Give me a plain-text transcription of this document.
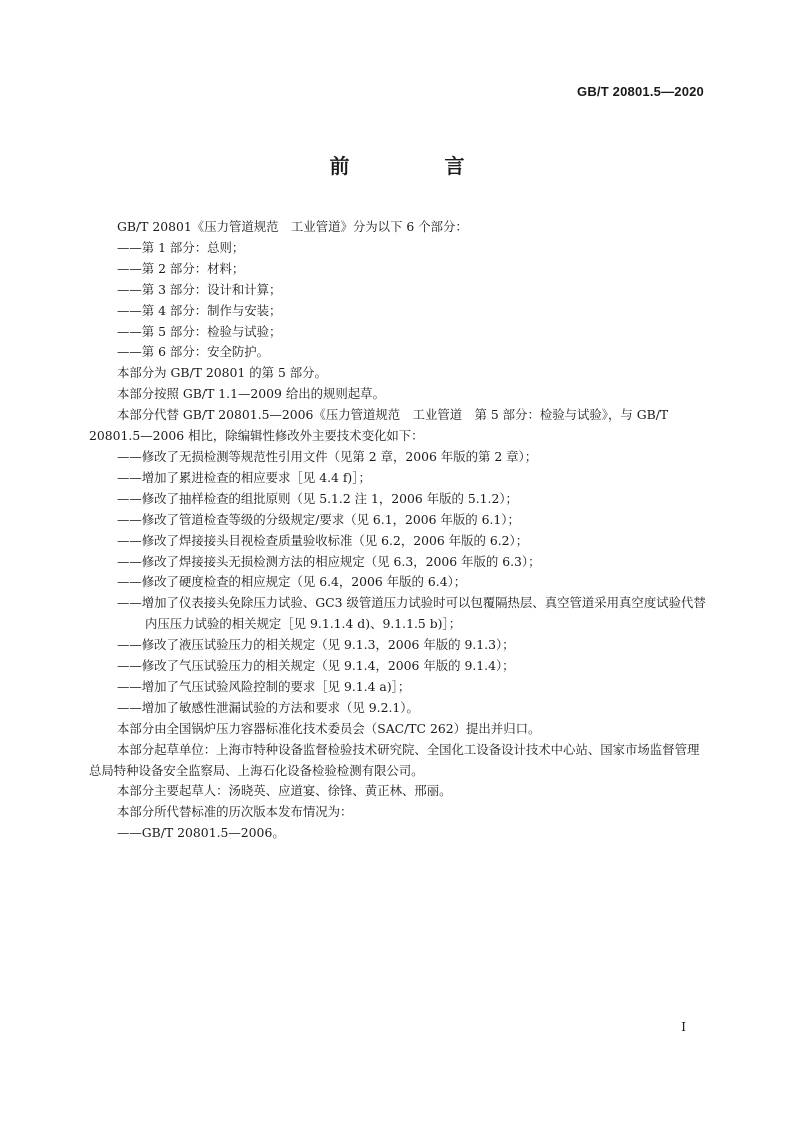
GB/T 20801.5—2020
前 言
GB/T 20801《压力管道规范　工业管道》分为以下 6 个部分：
——第 1 部分：总则；
——第 2 部分：材料；
——第 3 部分：设计和计算；
——第 4 部分：制作与安装；
——第 5 部分：检验与试验；
——第 6 部分：安全防护。
本部分为 GB/T 20801 的第 5 部分。
本部分按照 GB/T 1.1—2009 给出的规则起草。
本部分代替 GB/T 20801.5—2006《压力管道规范　工业管道　第 5 部分：检验与试验》，与 GB/T 20801.5—2006 相比，除编辑性修改外主要技术变化如下：
——修改了无损检测等规范性引用文件（见第 2 章，2006 年版的第 2 章）；
——增加了累进检查的相应要求［见 4.4 f)］；
——修改了抽样检查的组批原则（见 5.1.2 注 1，2006 年版的 5.1.2）；
——修改了管道检查等级的分级规定/要求（见 6.1，2006 年版的 6.1）；
——修改了焊接接头目视检查质量验收标准（见 6.2，2006 年版的 6.2）；
——修改了焊接接头无损检测方法的相应规定（见 6.3，2006 年版的 6.3）；
——修改了硬度检查的相应规定（见 6.4，2006 年版的 6.4）；
——增加了仪表接头免除压力试验、GC3 级管道压力试验时可以包覆隔热层、真空管道采用真空度试验代替内压压力试验的相关规定［见 9.1.1.4 d)、9.1.1.5 b)］；
——修改了液压试验压力的相关规定（见 9.1.3，2006 年版的 9.1.3）；
——修改了气压试验压力的相关规定（见 9.1.4，2006 年版的 9.1.4）；
——增加了气压试验风险控制的要求［见 9.1.4 a)］；
——增加了敏感性泄漏试验的方法和要求（见 9.2.1）。
本部分由全国锅炉压力容器标准化技术委员会（SAC/TC 262）提出并归口。
本部分起草单位：上海市特种设备监督检验技术研究院、全国化工设备设计技术中心站、国家市场监督管理总局特种设备安全监察局、上海石化设备检验检测有限公司。
本部分主要起草人：汤晓英、应道宴、徐锋、黄正林、邢丽。
本部分所代替标准的历次版本发布情况为：
——GB/T 20801.5—2006。
I
